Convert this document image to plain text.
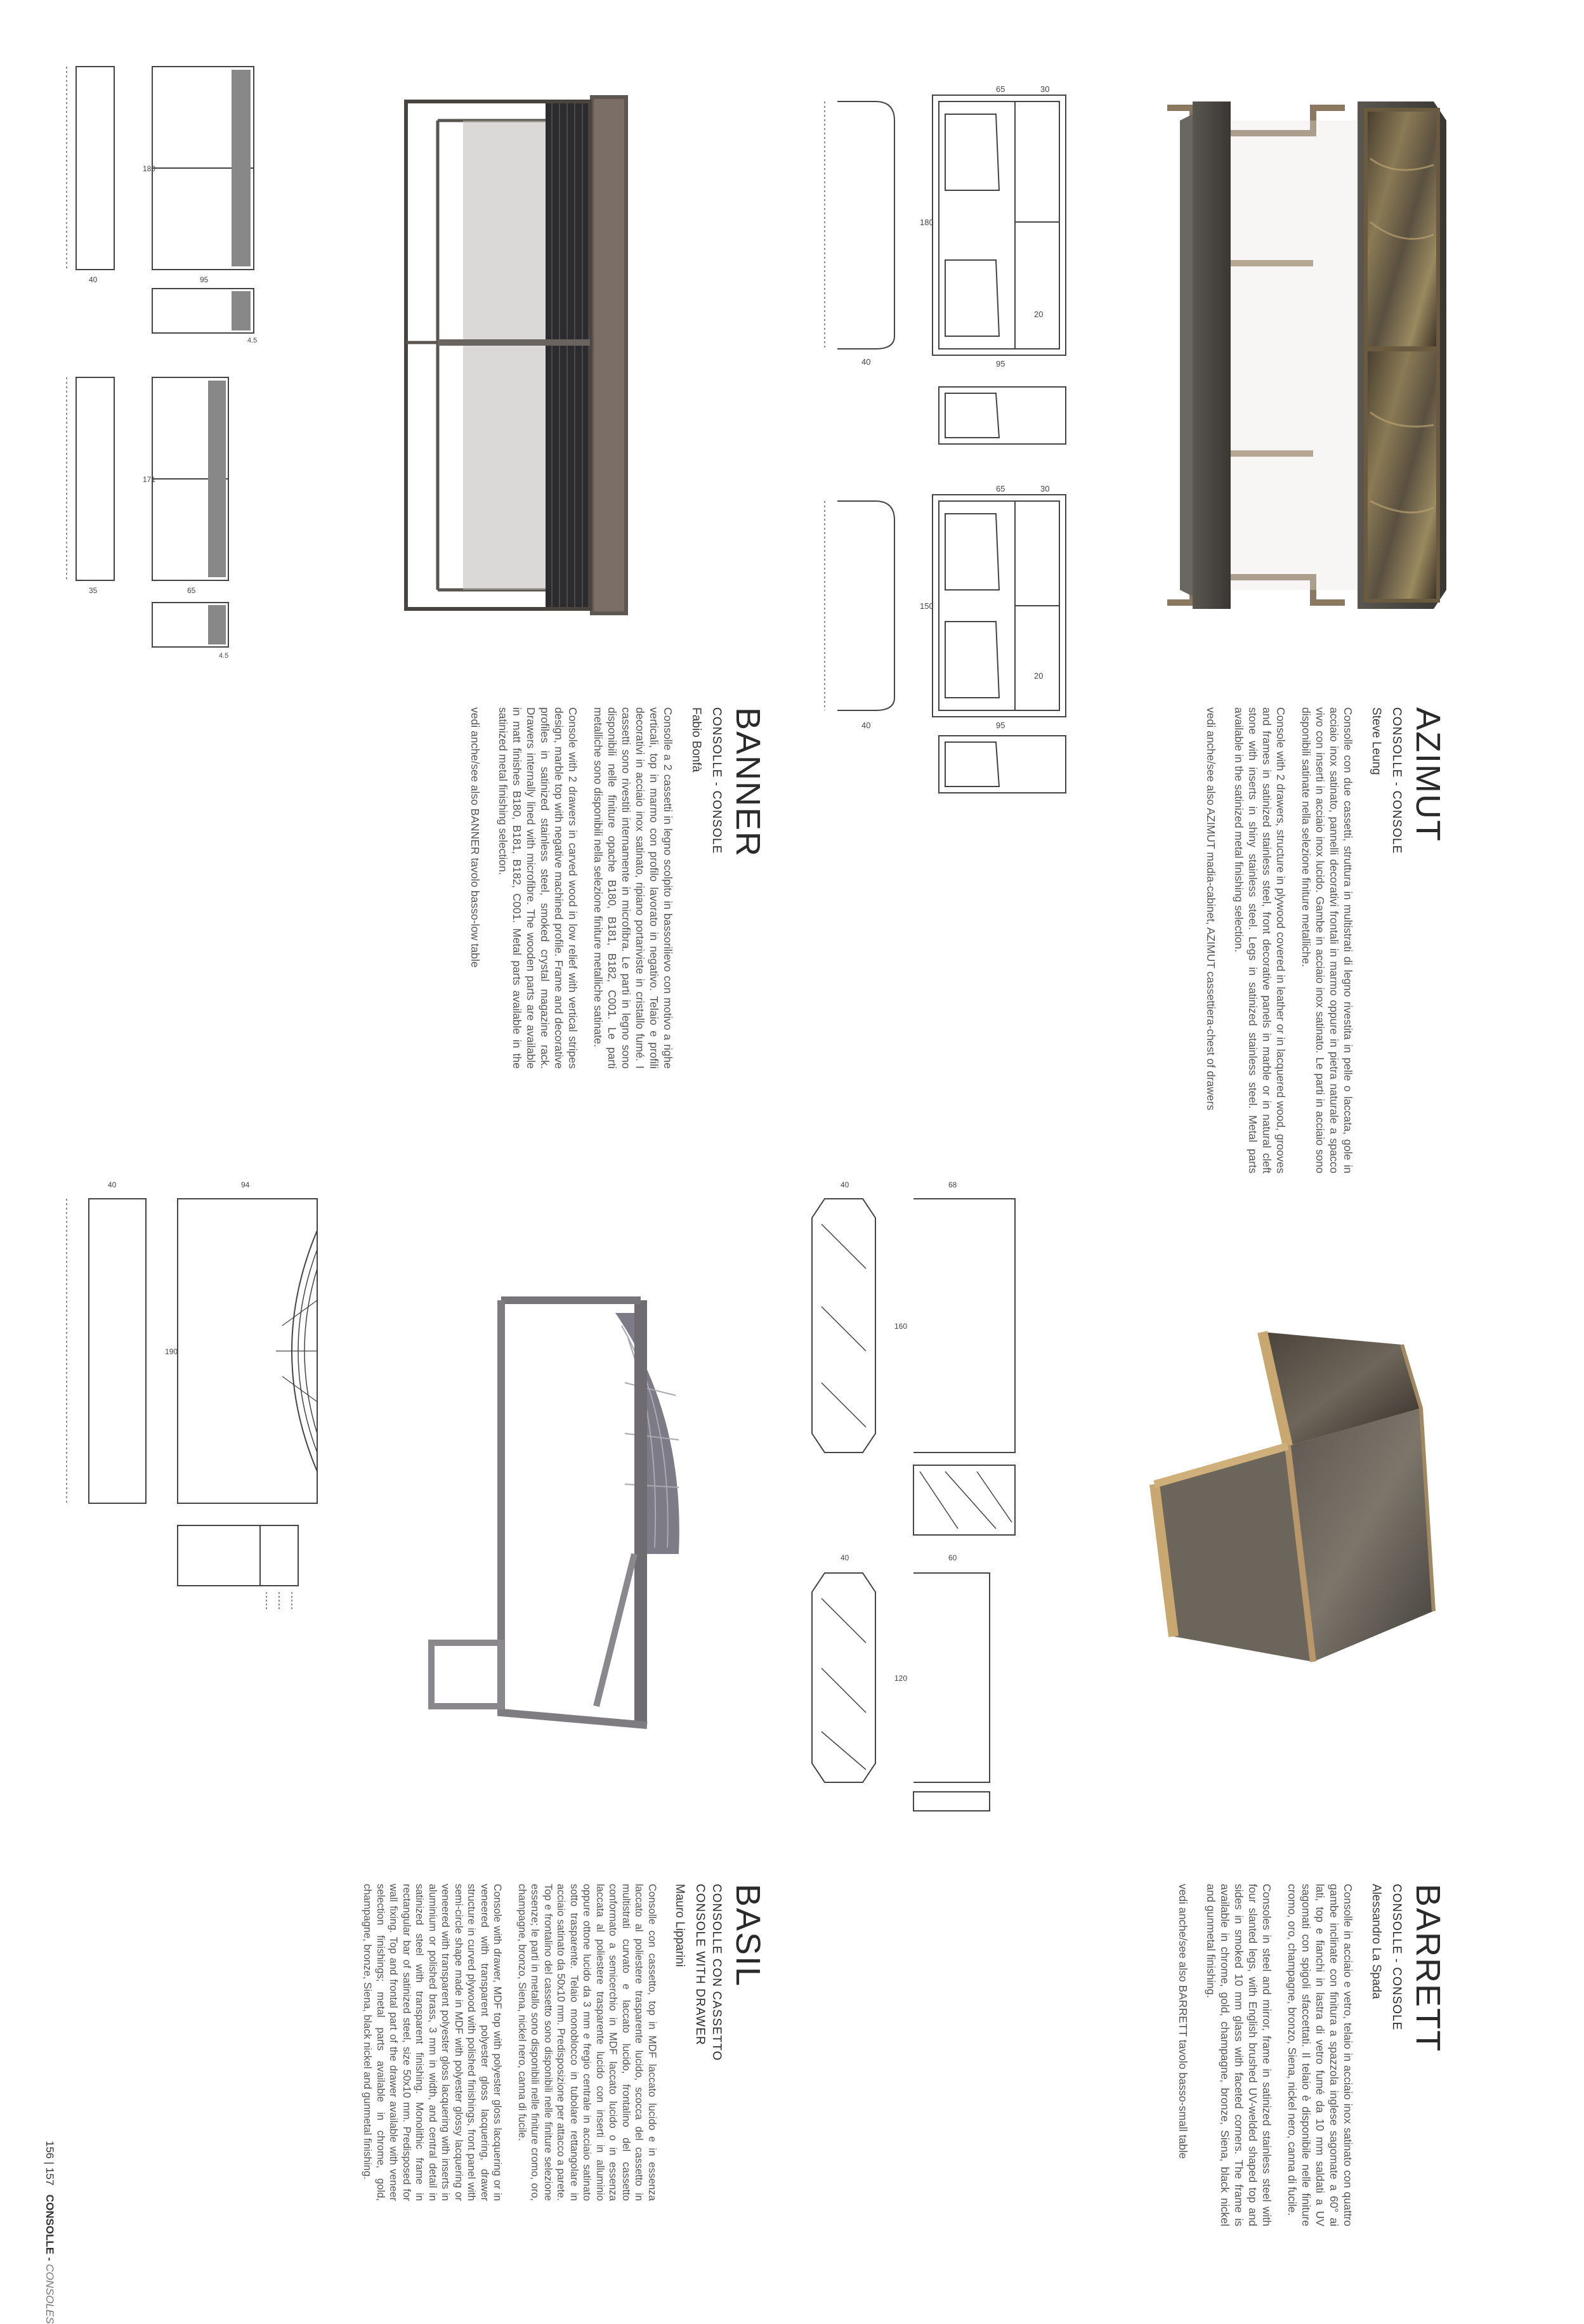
156 | 157   CONSOLLE - CONSOLES
AZIMUT
CONSOLLE - CONSOLE
Steve Leung
Consolle con due cassetti, struttura in multistrati di legno rivestita in pelle o laccata, gole in acciaio inox satinato, pannelli decorativi frontali in marmo oppure in pietra naturale a spacco vivo con inserti in acciaio inox lucido. Gambe in acciaio inox satinato. Le parti in acciaio sono disponibili satinate nella selezione finiture metalliche.
Console with 2 drawers, structure in plywood covered in leather or in lacquered wood, grooves and frames in satinized stainless steel, front decorative panels in marble or in natural cleft stone with inserts in shiny stainless steel. Legs in satinized stainless steel. Metal parts available in the satinized metal finishing selection.
vedi anche/see also AZIMUT madia-cabinet, AZIMUT cassettiera-chest of drawers
BANNER
CONSOLLE - CONSOLE
Fabio Bonfà
Consolle a 2 cassetti in legno scolpito in bassorilievo con motivo a righe verticali, top in marmo con profilo lavorato in negativo. Telaio e profili decorativi in acciaio inox satinato, ripiano portariviste in cristallo fumé. I cassetti sono rivestiti internamente in microfibra. Le parti in legno sono disponibili nelle finiture opache B180, B181, B182, C001. Le parti metalliche sono disponibili nella selezione finiture metalliche satinate.
Console with 2 drawers in carved wood in low relief with vertical stripes design, marble top with negative machined profile. Frame and decorative profiles in satinized stainless steel, smoked crystal magazine rack. Drawers internally lined with microfibre. The wooden parts are available in matt finishes B180, B181, B182, C001. Metal parts available in the satinized metal finishing selection.
vedi anche/see also BANNER tavolo basso-low table
BARRETT
CONSOLLE - CONSOLE
Alessandro La Spada
Consolle in acciaio e vetro, telaio in acciaio inox satinato con quattro gambe inclinate con finitura a spazzola inglese sagomate a 60° ai lati, top e fianchi in lastra di vetro fumé da 10 mm saldati a UV sagomati con spigoli sfaccettati. Il telaio è disponibile nelle finiture cromo, oro, champagne, bronzo, Siena, nickel nero, canna di fucile.
Consoles in steel and mirror, frame in satinized stainless steel with four slanted legs, with English brushed UV-welded shaped top and sides in smoked 10 mm glass with faceted corners. The frame is available in chrome, gold, champagne, bronze, Siena, black nickel and gunmetal finishing.
vedi anche/see also BARRETT tavolo basso-small table
BASIL
CONSOLLE CON CASSETTO
CONSOLE WITH DRAWER
Mauro Lipparini
Consolle con cassetto, top in MDF laccato lucido e in essenza laccato al poliestere trasparente lucido, scocca del cassetto in multistrati curvato e laccato lucido, frontalino del cassetto conformato a semicerchio in MDF laccato lucido o in essenza laccata al poliestere trasparente lucido con inserti in alluminio oppure ottone lucido da 3 mm e fregio centrale in acciaio satinato sotto trasparente. Telaio monoblocco in tubolare rettangolare in acciaio satinato da 50x10 mm. Predisposizione per attacco a parete. Top e frontalino del cassetto sono disponibili nelle finiture selezione essenze; le parti in metallo sono disponibili nelle finiture cromo, oro, champagne, bronzo, Siena, nickel nero, canna di fucile.
Console with drawer, MDF top with polyester gloss lacquering or in veneered with transparent polyester gloss lacquering, drawer structure in curved plywood with polished finishings, front panel with semi-circle shape made in MDF with polyester glossy lacquering or veneered with transparent polyester gloss lacquering with inserts in aluminium or polished brass, 3 mm in width, and central detail in satinized steel with transparent finishing. Monolithic frame in rectangular bar of satinized steel, size 50x10 mm. Predisposed for wall fixing. Top and frontal part of the drawer available with veneer selection finishings; metal parts available in chrome, gold, champagne, bronze, Siena, black nickel and gunmetal finishing.
40
65	30
180
20
95
40
65	30
150
20
95
40
180
95
4.5
35
171
65
4.5
40	68
160
40	60
120
40	94
190
